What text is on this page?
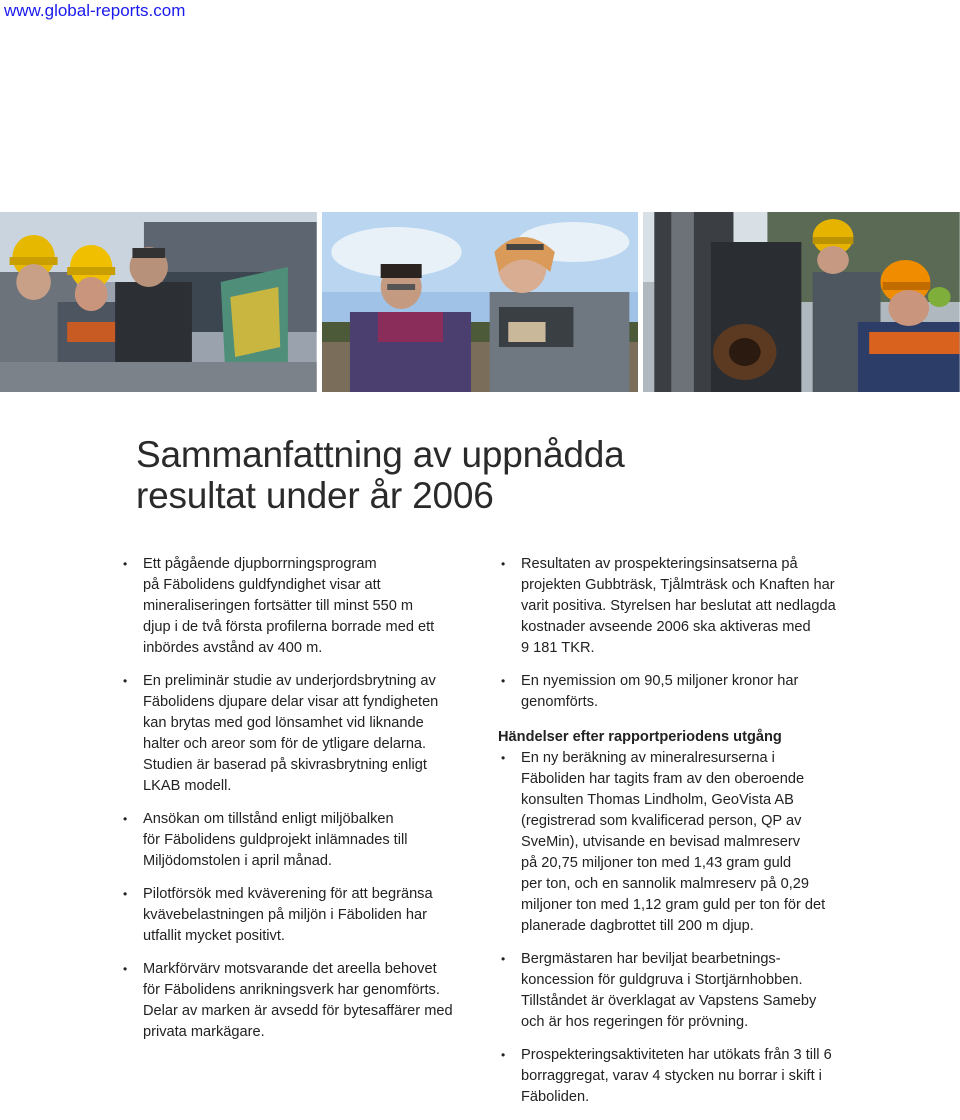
www.global-reports.com
Sammanfattning av uppnådda
resultat under år 2006
• Ett pågående djupborrningsprogram
på Fäbolidens guldfyndighet visar att
mineraliseringen fortsätter till minst 550 m
djup i de två första profilerna borrade med ett
inbördes avstånd av 400 m.
• En preliminär studie av underjordsbrytning av
Fäbolidens djupare delar visar att fyndigheten
kan brytas med god lönsamhet vid liknande
halter och areor som för de ytligare delarna.
Studien är baserad på skivrasbrytning enligt
LKAB modell.
• Ansökan om tillstånd enligt miljöbalken
för Fäbolidens guldprojekt inlämnades till
Miljödomstolen i april månad.
• Pilotförsök med kväverening för att begränsa
kvävebelastningen på miljön i Fäboliden har
utfallit mycket positivt.
• Markförvärv motsvarande det areella behovet
för Fäbolidens anrikningsverk har genomförts.
Delar av marken är avsedd för bytesaffärer med
privata markägare.
• Resultaten av prospekteringsinsatserna på
projekten Gubbträsk, Tjålmträsk och Knaften har
varit positiva. Styrelsen har beslutat att nedlagda
kostnader avseende 2006 ska aktiveras med
9 181 TKR.
• En nyemission om 90,5 miljoner kronor har
genomförts.
Händelser efter rapportperiodens utgång
• En ny beräkning av mineralresurserna i
Fäboliden har tagits fram av den oberoende
konsulten Thomas Lindholm, GeoVista AB
(registrerad som kvalificerad person, QP av
SveMin), utvisande en bevisad malmreserv
på 20,75 miljoner ton med 1,43 gram guld
per ton, och en sannolik malmreserv på 0,29
miljoner ton med 1,12 gram guld per ton för det
planerade dagbrottet till 200 m djup.
• Bergmästaren har beviljat bearbetnings-
koncession för guldgruva i Stortjärnhobben.
Tillståndet är överklagat av Vapstens Sameby
och är hos regeringen för prövning.
• Prospekteringsaktiviteten har utökats från 3 till 6
borraggregat, varav 4 stycken nu borrar i skift i
Fäboliden.
